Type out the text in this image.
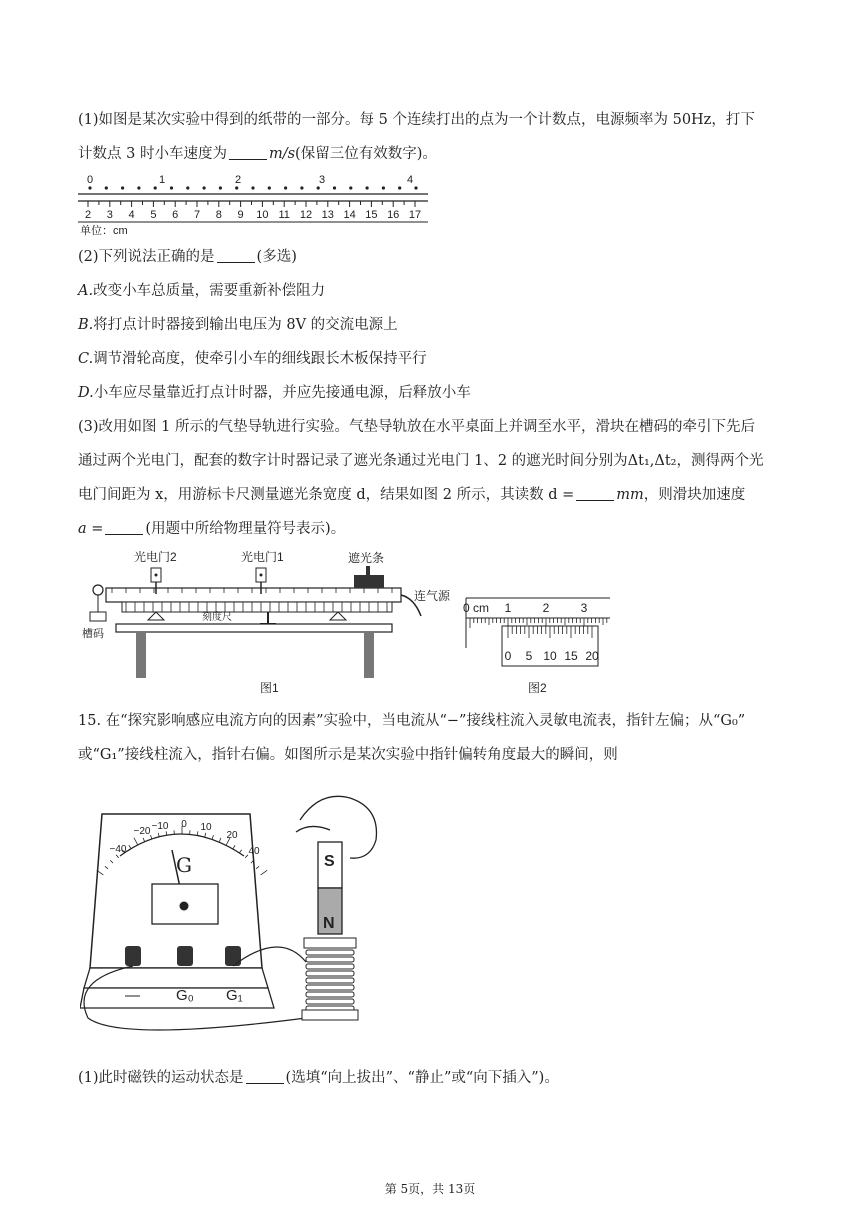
(1)如图是某次实验中得到的纸带的一部分。每 5 个连续打出的点为一个计数点，电源频率为 50Hz，打下
计数点 3 时小车速度为	m/s(保留三位有效数字)。
0	1	2	3	4
2 3 4 5 6 7 8 9 10 11 12 13 14 15 16 17
单位：cm
(2)下列说法正确的是	(多选)
A.改变小车总质量，需要重新补偿阻力
B.将打点计时器接到输出电压为 8V 的交流电源上
C.调节滑轮高度，使牵引小车的细线跟长木板保持平行
D.小车应尽量靠近打点计时器，并应先接通电源，后释放小车
(3)改用如图 1 所示的气垫导轨进行实验。气垫导轨放在水平桌面上并调至水平，滑块在槽码的牵引下先后
通过两个光电门，配套的数字计时器记录了遮光条通过光电门 1、2 的遮光时间分别为Δt₁,Δt₂，测得两个光
电门间距为 x，用游标卡尺测量遮光条宽度 d，结果如图 2 所示，其读数 d =	mm，则滑块加速度
a =	(用题中所给物理量符号表示)。
槽码
光电门2	光电门1	遮光条
连气源
刻度尺
图1
0 cm 1	2	3
0 5 10 15 20
图2
15. 在“探究影响感应电流方向的因素”实验中，当电流从“−”接线柱流入灵敏电流表，指针左偏；从“G₀”
或“G₁”接线柱流入，指针右偏。如图所示是某次实验中指针偏转角度最大的瞬间，则
−40
−20 −10 0 10
20
40
G
— G₀ G₁
S
N
(1)此时磁铁的运动状态是	(选填“向上拔出”、“静止”或“向下插入”)。
第 5页，共 13页
